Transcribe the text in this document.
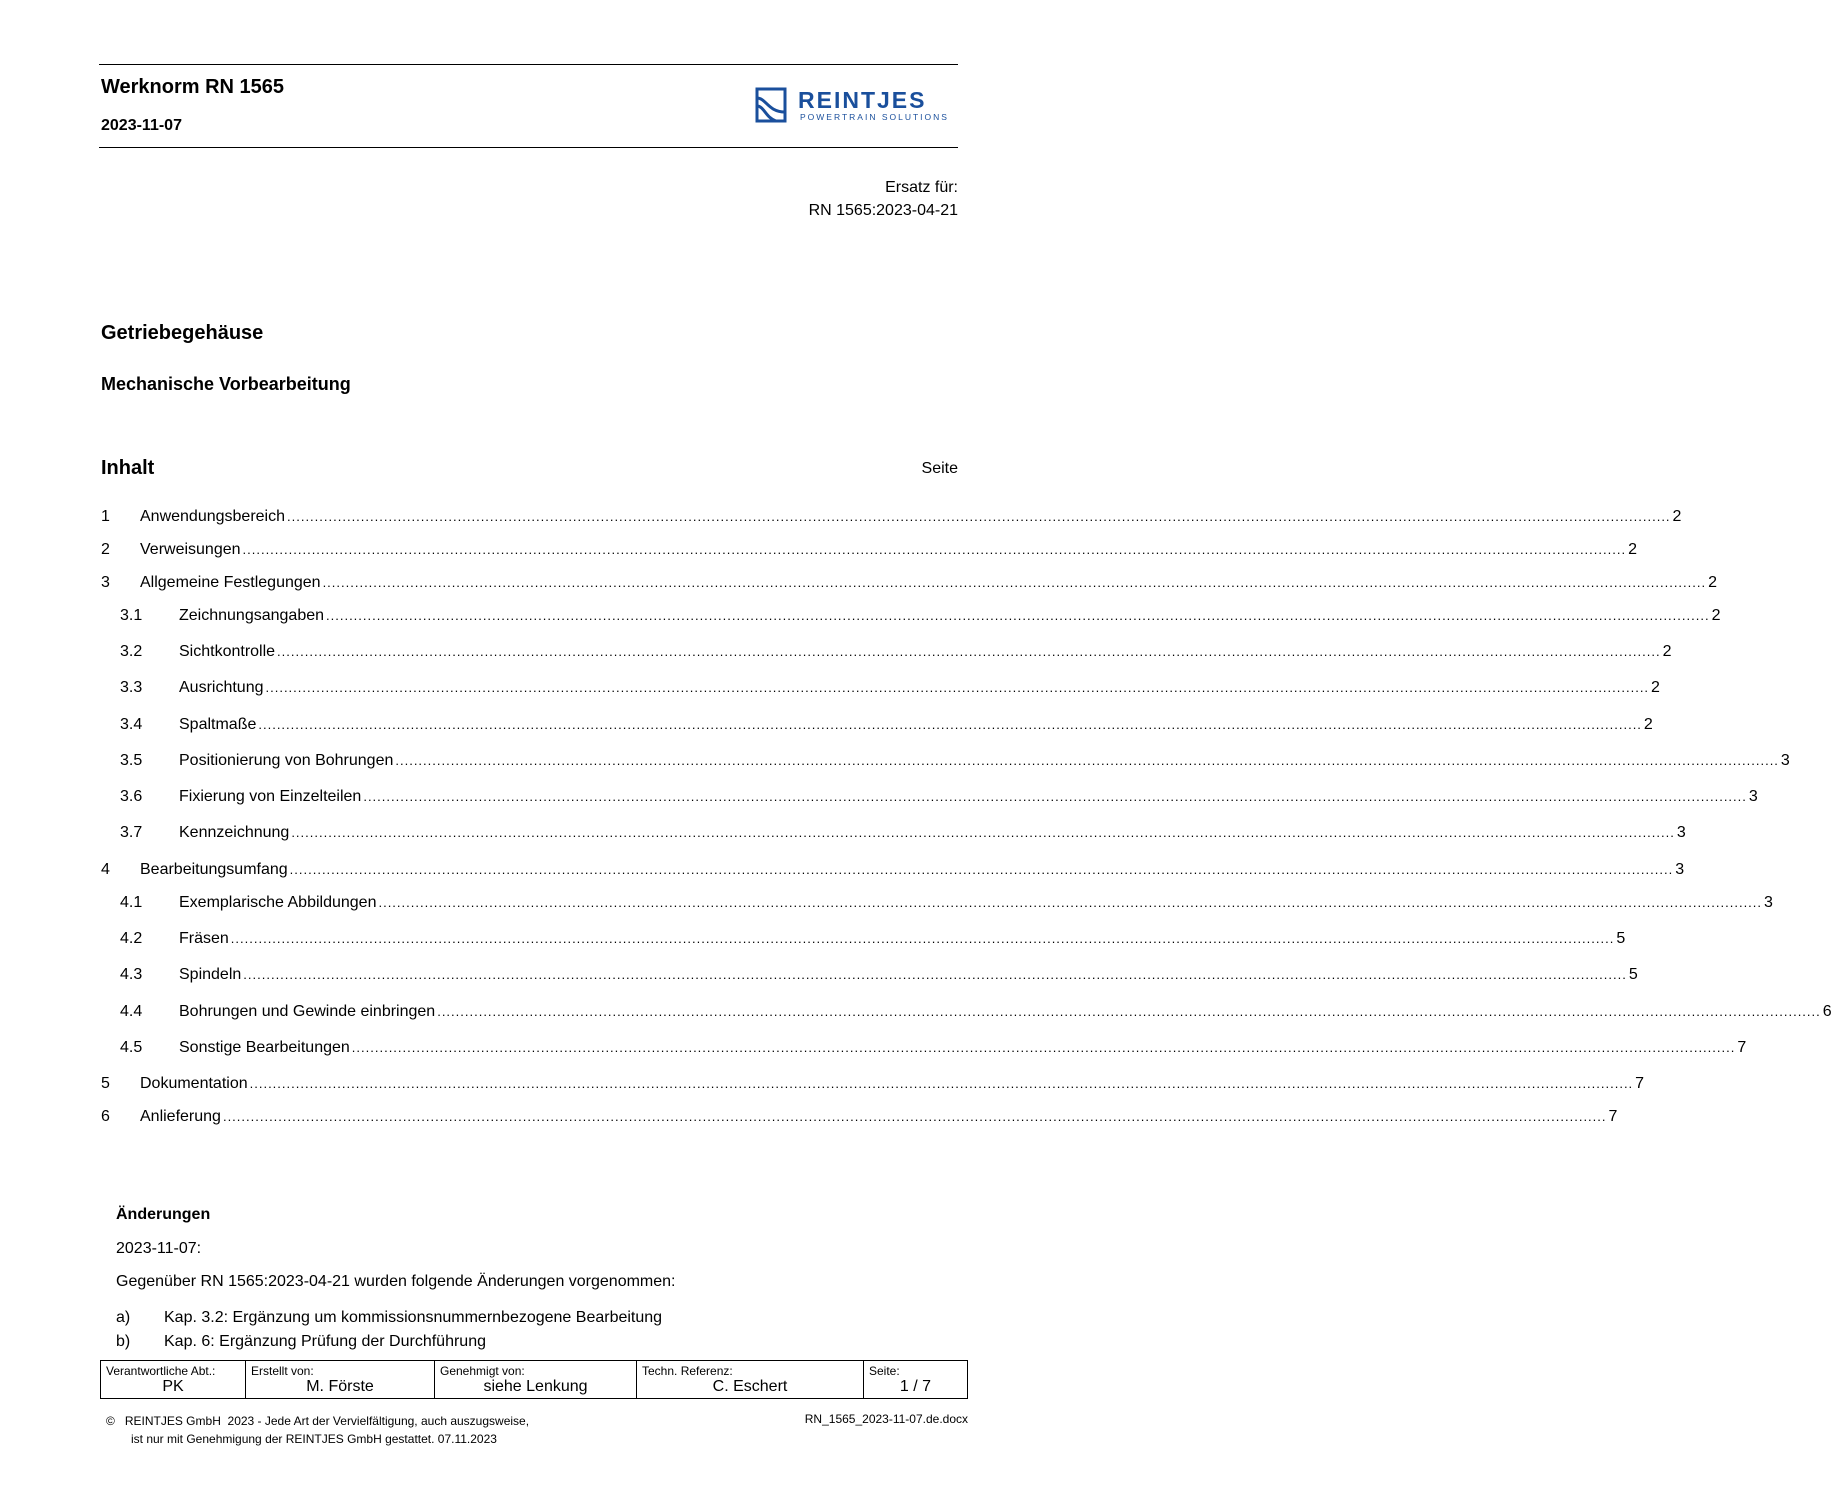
Werknorm RN 1565
2023-11-07
REINTJES
POWERTRAIN SOLUTIONS
Ersatz für:
RN 1565:2023-04-21
Getriebegehäuse
Mechanische Vorbearbeitung
Inhalt	Seite
1	Anwendungsbereich ............................................................................................................................................................................................................................................................................................................ 2
2	Verweisungen ............................................................................................................................................................................................................................................................................................................ 2
3	Allgemeine Festlegungen ............................................................................................................................................................................................................................................................................................................ 2
3.1	Zeichnungsangaben ............................................................................................................................................................................................................................................................................................................ 2
3.2	Sichtkontrolle ............................................................................................................................................................................................................................................................................................................ 2
3.3	Ausrichtung ............................................................................................................................................................................................................................................................................................................ 2
3.4	Spaltmaße ............................................................................................................................................................................................................................................................................................................ 2
3.5	Positionierung von Bohrungen ............................................................................................................................................................................................................................................................................................................ 3
3.6	Fixierung von Einzelteilen ............................................................................................................................................................................................................................................................................................................ 3
3.7	Kennzeichnung ............................................................................................................................................................................................................................................................................................................ 3
4	Bearbeitungsumfang ............................................................................................................................................................................................................................................................................................................ 3
4.1	Exemplarische Abbildungen ............................................................................................................................................................................................................................................................................................................ 3
4.2	Fräsen ............................................................................................................................................................................................................................................................................................................ 5
4.3	Spindeln ............................................................................................................................................................................................................................................................................................................ 5
4.4	Bohrungen und Gewinde einbringen ............................................................................................................................................................................................................................................................................................................ 6
4.5	Sonstige Bearbeitungen ............................................................................................................................................................................................................................................................................................................ 7
5	Dokumentation ............................................................................................................................................................................................................................................................................................................ 7
6	Anlieferung ............................................................................................................................................................................................................................................................................................................ 7
Änderungen
2023-11-07:
Gegenüber RN 1565:2023-04-21 wurden folgende Änderungen vorgenommen:
a) Kap. 3.2: Ergänzung um kommissionsnummernbezogene Bearbeitung
b) Kap. 6: Ergänzung Prüfung der Durchführung
Verantwortliche Abt.:
PK

Erstellt von:
M. Förste

Genehmigt von:
siehe Lenkung

Techn. Referenz:
C. Eschert

Seite:
1 / 7
©   REINTJES GmbH  2023 - Jede Art der Vervielfältigung, auch auszugsweise,
ist nur mit Genehmigung der REINTJES GmbH gestattet. 07.11.2023
RN_1565_2023-11-07.de.docx
